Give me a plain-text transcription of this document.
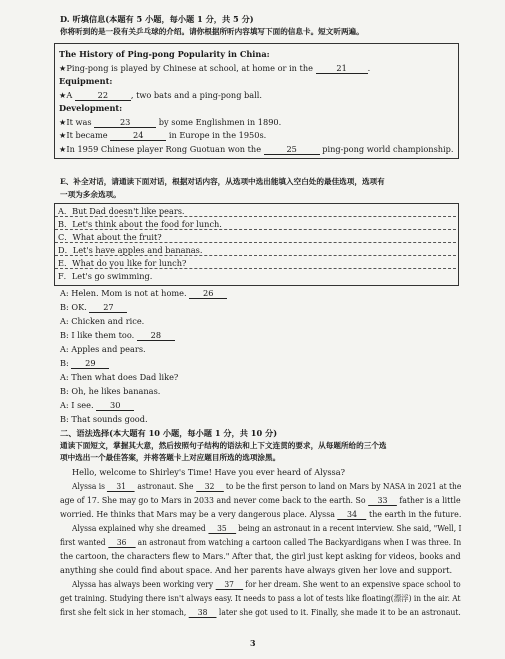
D. 听填信息(本题有 5 小题，每小题 1 分，共 5 分)
你将听到的是一段有关乒乓球的介绍。请你根据所听内容填写下面的信息卡。短文听两遍。
The History of Ping-pong Popularity in China:
★Ping-pong is played by Chinese at school, at home or in the	21	.
Equipment:
★A	22	, two bats and a ping-pong ball.
Development:
★It was	23	by some Englishmen in 1890.
★It became	24	in Europe in the 1950s.
★In 1959 Chinese player Rong Guotuan won the	25	ping-pong world championship.
E、补全对话，请通读下面对话，根据对话内容，从选项中选出能填入空白处的最佳选项，选项有
一项为多余选项。
A．But Dad doesn't like pears.
B．Let's think about the food for lunch.
C．What about the fruit?
D．Let's have apples and bananas.
E．What do you like for lunch?
F．Let's go swimming.
A: Helen. Mom is not at home. 26
B: OK. 27
A: Chicken and rice.
B: I like them too. 28
A: Apples and pears.
B: 29
A: Then what does Dad like?
B: Oh, he likes bananas.
A: I see. 30
B: That sounds good.
二、语法选择(本大题有 10 小题，每小题 1 分，共 10 分)
通读下面短文，掌握其大意，然后按照句子结构的语法和上下文连贯的要求，从每题所给的三个选
项中选出一个最佳答案，并将答题卡上对应题目所选的选项涂黑。
Hello, welcome to Shirley's Time! Have you ever heard of Alyssa?
Alyssa is 31 astronaut. She 32 to be the first person to land on Mars by NASA in 2021 at the
age of 17. She may go to Mars in 2033 and never come back to the earth. So 33 father is a little
worried. He thinks that Mars may be a very dangerous place. Alyssa 34 the earth in the future.
Alyssa explained why she dreamed 35 being an astronaut in a recent interview. She said, "Well, I
first wanted 36 an astronaut from watching a cartoon called The Backyardigans when I was three. In
the cartoon, the characters flew to Mars." After that, the girl just kept asking for videos, books and
anything she could find about space. And her parents have always given her love and support.
Alyssa has always been working very 37 for her dream. She went to an expensive space school to
get training. Studying there isn't always easy. It needs to pass a lot of tests like floating(漂浮) in the air. At
first she felt sick in her stomach, 38 later she got used to it. Finally, she made it to be an astronaut.
3
